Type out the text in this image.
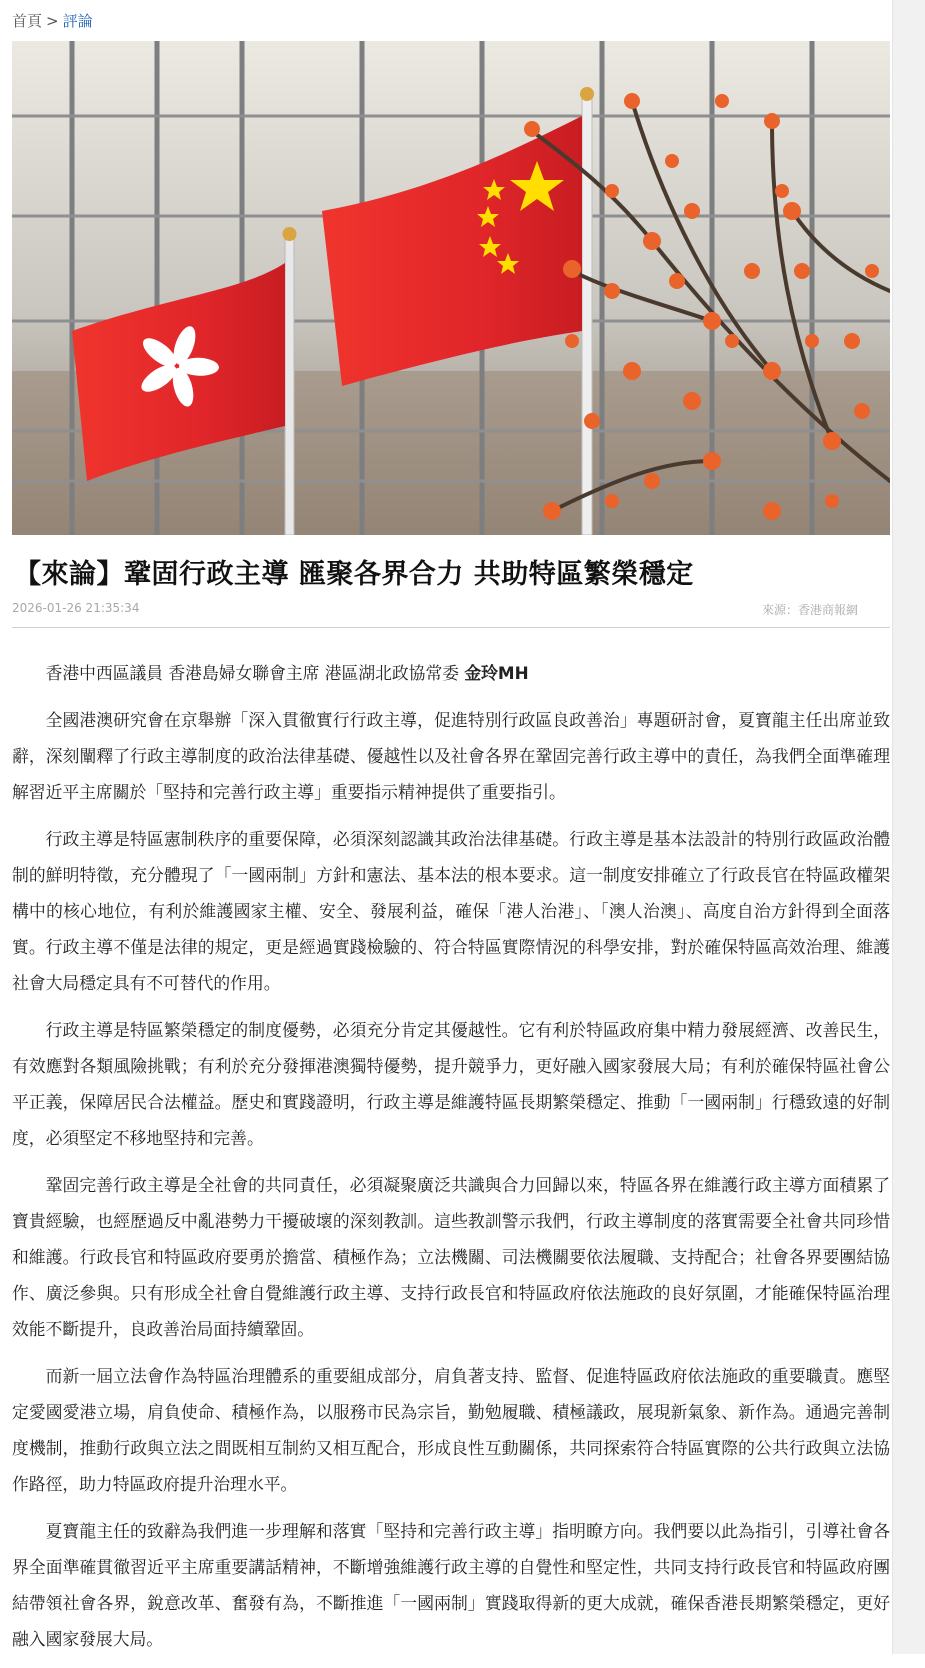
首頁 > 評論
【來論】鞏固行政主導 匯聚各界合力 共助特區繁榮穩定
2026-01-26 21:35:34	來源：香港商報網

香港中西區議員 香港島婦女聯會主席 港區湖北政協常委 金玲MH

全國港澳研究會在京舉辦「深入貫徹實行行政主導，促進特別行政區良政善治」專題研討會，夏寶龍主任出席並致辭，深刻闡釋了行政主導制度的政治法律基礎、優越性以及社會各界在鞏固完善行政主導中的責任，為我們全面準確理解習近平主席關於「堅持和完善行政主導」重要指示精神提供了重要指引。

行政主導是特區憲制秩序的重要保障，必須深刻認識其政治法律基礎。行政主導是基本法設計的特別行政區政治體制的鮮明特徵，充分體現了「一國兩制」方針和憲法、基本法的根本要求。這一制度安排確立了行政長官在特區政權架構中的核心地位，有利於維護國家主權、安全、發展利益，確保「港人治港」、「澳人治澳」、高度自治方針得到全面落實。行政主導不僅是法律的規定，更是經過實踐檢驗的、符合特區實際情況的科學安排，對於確保特區高效治理、維護社會大局穩定具有不可替代的作用。

行政主導是特區繁榮穩定的制度優勢，必須充分肯定其優越性。它有利於特區政府集中精力發展經濟、改善民生，有效應對各類風險挑戰；有利於充分發揮港澳獨特優勢，提升競爭力，更好融入國家發展大局；有利於確保特區社會公平正義，保障居民合法權益。歷史和實踐證明，行政主導是維護特區長期繁榮穩定、推動「一國兩制」行穩致遠的好制度，必須堅定不移地堅持和完善。

鞏固完善行政主導是全社會的共同責任，必須凝聚廣泛共識與合力回歸以來，特區各界在維護行政主導方面積累了寶貴經驗，也經歷過反中亂港勢力干擾破壞的深刻教訓。這些教訓警示我們，行政主導制度的落實需要全社會共同珍惜和維護。行政長官和特區政府要勇於擔當、積極作為；立法機關、司法機關要依法履職、支持配合；社會各界要團結協作、廣泛參與。只有形成全社會自覺維護行政主導、支持行政長官和特區政府依法施政的良好氛圍，才能確保特區治理效能不斷提升，良政善治局面持續鞏固。

而新一屆立法會作為特區治理體系的重要組成部分，肩負著支持、監督、促進特區政府依法施政的重要職責。應堅定愛國愛港立場，肩負使命、積極作為，以服務市民為宗旨，勤勉履職、積極議政，展現新氣象、新作為。通過完善制度機制，推動行政與立法之間既相互制約又相互配合，形成良性互動關係，共同探索符合特區實際的公共行政與立法協作路徑，助力特區政府提升治理水平。

夏寶龍主任的致辭為我們進一步理解和落實「堅持和完善行政主導」指明瞭方向。我們要以此為指引，引導社會各界全面準確貫徹習近平主席重要講話精神，不斷增強維護行政主導的自覺性和堅定性，共同支持行政長官和特區政府團結帶領社會各界，銳意改革、奮發有為，不斷推進「一國兩制」實踐取得新的更大成就，確保香港長期繁榮穩定，更好融入國家發展大局。
